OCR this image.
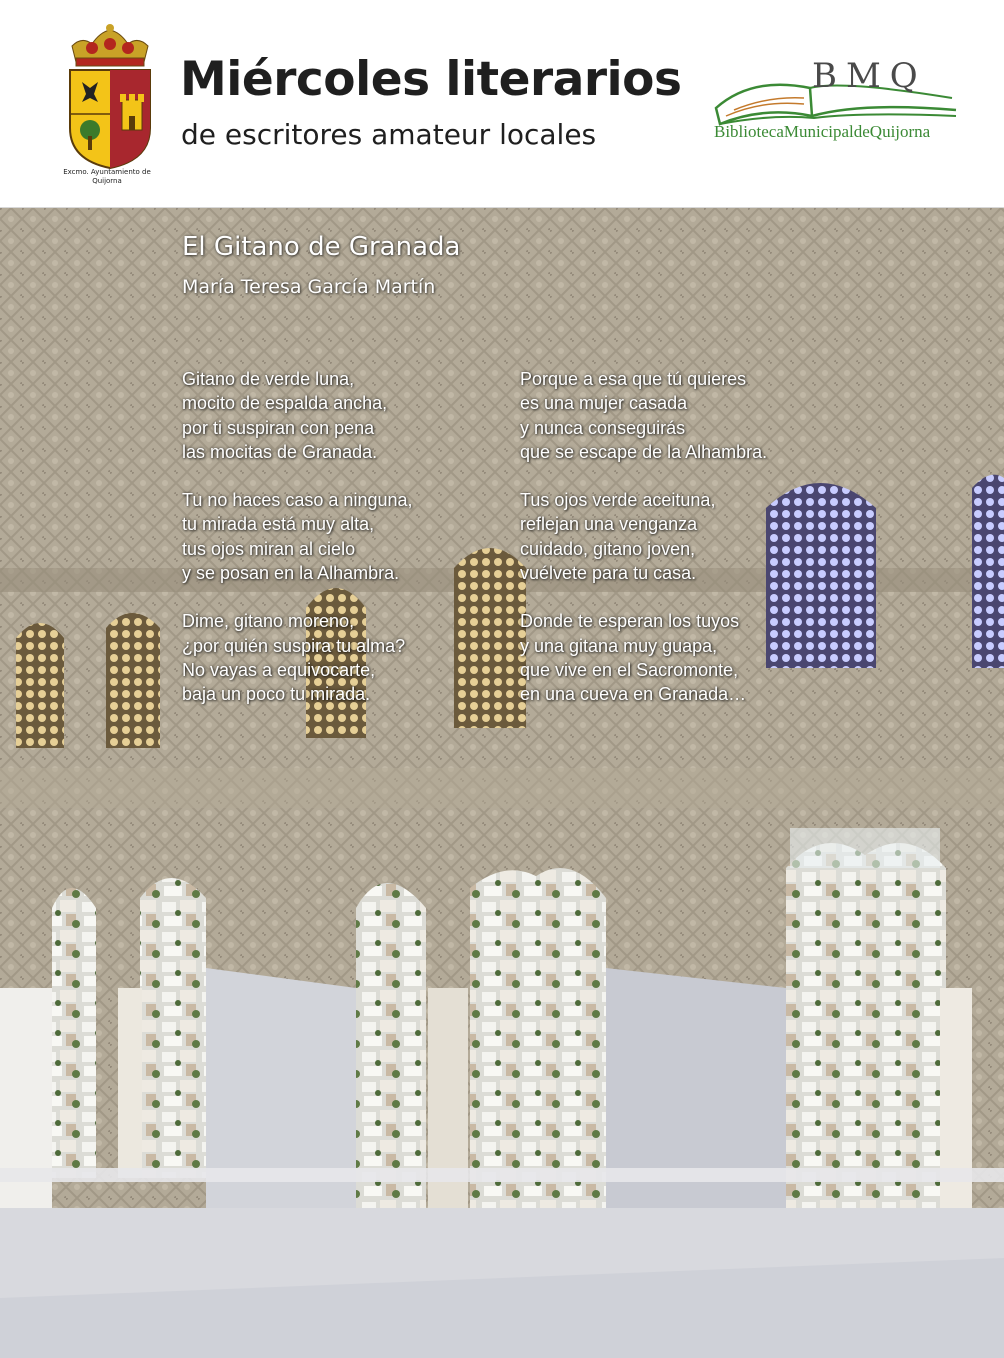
Excmo. Ayuntamiento de Quijorna
Miércoles literarios
de escritores amateur locales
BMQ
BibliotecaMunicipaldeQuijorna
El Gitano de Granada
María Teresa García Martín
Gitano de verde luna,
mocito de espalda ancha,
por ti suspiran con pena
las mocitas de Granada.
Tu no haces caso a ninguna,
tu mirada está muy alta,
tus ojos miran al cielo
y se posan en la Alhambra.
Dime, gitano moreno,
¿por quién suspira tu alma?
No vayas a equivocarte,
baja un poco tu mirada.
Porque a esa que tú quieres
es una mujer casada
y nunca conseguirás
que se escape de la Alhambra.
Tus ojos verde aceituna,
reflejan una venganza
cuidado, gitano joven,
vuélvete para tu casa.
Donde te esperan los tuyos
y una gitana muy guapa,
que vive en el Sacromonte,
en una cueva en Granada…
